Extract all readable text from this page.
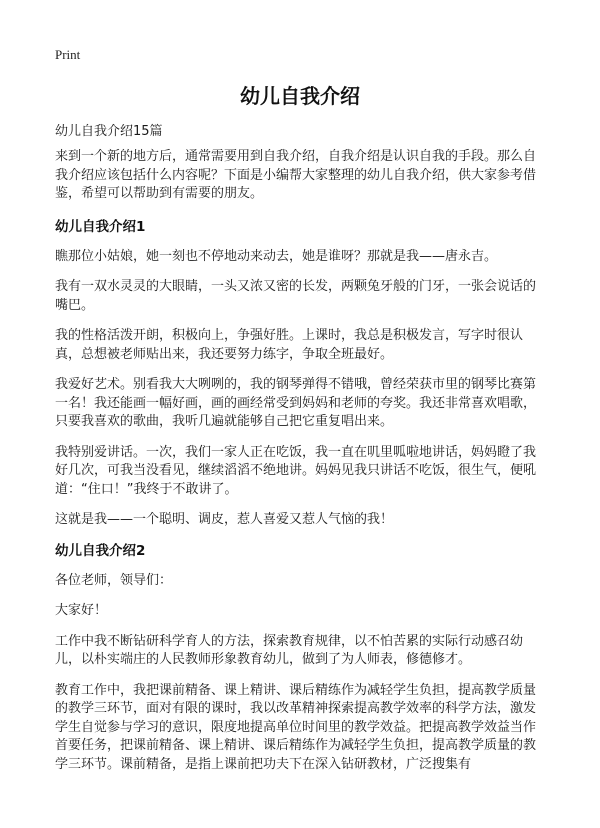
Print
幼儿自我介绍

幼儿自我介绍15篇

来到一个新的地方后，通常需要用到自我介绍，自我介绍是认识自我的手段。那么自我介绍应该包括什么内容呢？下面是小编帮大家整理的幼儿自我介绍，供大家参考借鉴，希望可以帮助到有需要的朋友。

幼儿自我介绍1

瞧那位小姑娘，她一刻也不停地动来动去，她是谁呀？那就是我——唐永吉。

我有一双水灵灵的大眼睛，一头又浓又密的长发，两颗兔牙般的门牙，一张会说话的嘴巴。

我的性格活泼开朗，积极向上，争强好胜。上课时，我总是积极发言，写字时很认真，总想被老师贴出来，我还要努力练字，争取全班最好。

我爱好艺术。别看我大大咧咧的，我的钢琴弹得不错哦，曾经荣获市里的钢琴比赛第一名！我还能画一幅好画，画的画经常受到妈妈和老师的夸奖。我还非常喜欢唱歌，只要我喜欢的歌曲，我听几遍就能够自己把它重复唱出来。

我特别爱讲话。一次，我们一家人正在吃饭，我一直在叽里呱啦地讲话，妈妈瞪了我好几次，可我当没看见，继续滔滔不绝地讲。妈妈见我只讲话不吃饭，很生气，便吼道：“住口！”我终于不敢讲了。

这就是我——一个聪明、调皮，惹人喜爱又惹人气恼的我！

幼儿自我介绍2

各位老师，领导们：

大家好！

工作中我不断钻研科学育人的方法，探索教育规律，以不怕苦累的实际行动感召幼儿，以朴实端庄的人民教师形象教育幼儿，做到了为人师表，修德修才。

教育工作中，我把课前精备、课上精讲、课后精练作为减轻学生负担，提高教学质量的教学三环节，面对有限的课时，我以改革精神探索提高教学效率的科学方法，激发学生自觉参与学习的意识，限度地提高单位时间里的教学效益。把提高教学效益当作首要任务，把课前精备、课上精讲、课后精练作为减轻学生负担，提高教学质量的教学三环节。课前精备，是指上课前把功夫下在深入钻研教材，广泛搜集有
